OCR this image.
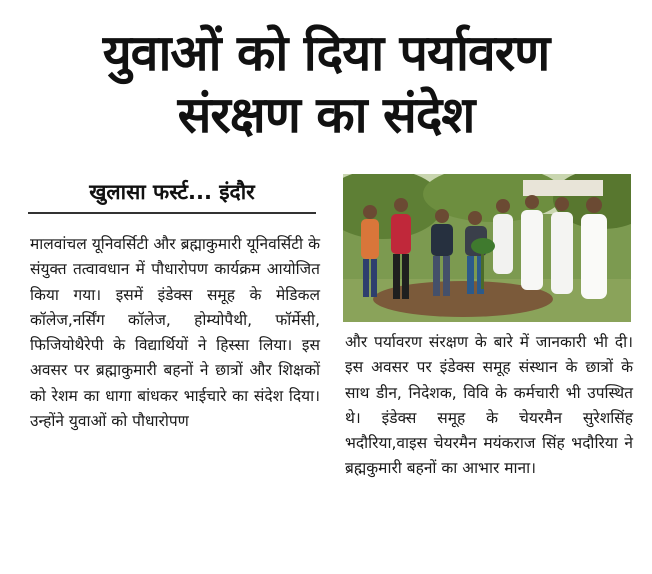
युवाओं को दिया पर्यावरण
संरक्षण का संदेश
खुलासा फर्स्ट... इंदौर
मालवांचल यूनिवर्सिटी और ब्रह्माकुमारी यूनिवर्सिटी के संयुक्त तत्वावधान में पौधारोपण कार्यक्रम आयोजित किया गया। इसमें इंडेक्स समूह के मेडिकल कॉलेज,नर्सिंग कॉलेज, होम्योपैथी, फॉर्मेसी, फिजियोथैरेपी के विद्यार्थियों ने हिस्सा लिया। इस अवसर पर ब्रह्माकुमारी बहनों ने छात्रों और शिक्षकों को रेशम का धागा बांधकर भाईचारे का संदेश दिया। उन्होंने युवाओं को पौधारोपण
और पर्यावरण संरक्षण के बारे में जानकारी भी दी। इस अवसर पर इंडेक्स समूह संस्थान के छात्रों के साथ डीन, निदेशक, विवि के कर्मचारी भी उपस्थित थे। इंडेक्स समूह के चेयरमैन सुरेशसिंह भदौरिया,वाइस चेयरमैन मयंकराज सिंह भदौरिया ने ब्रह्मकुमारी बहनों का आभार माना।
